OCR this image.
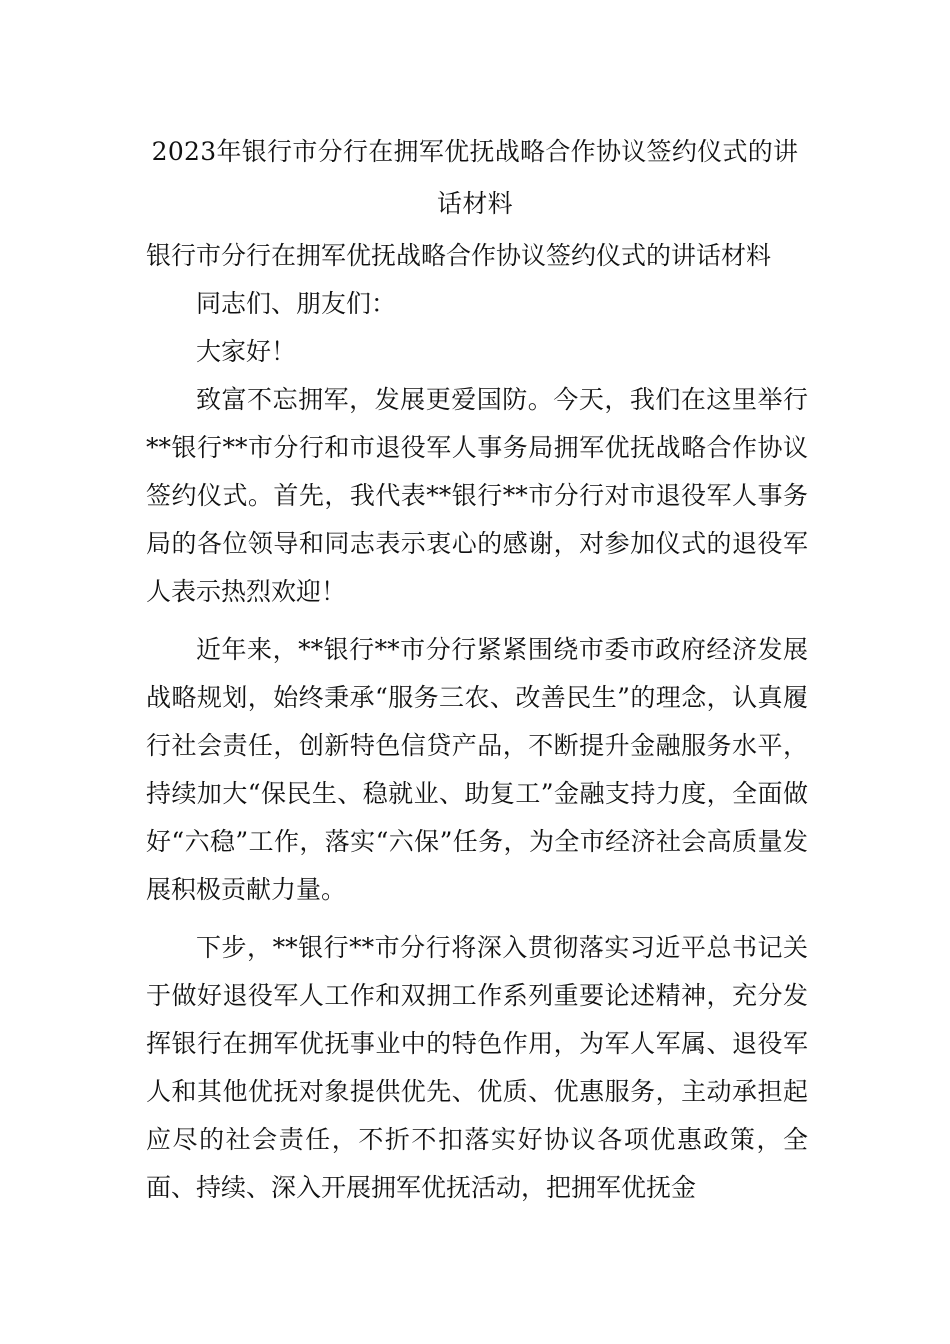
2023年银行市分行在拥军优抚战略合作协议签约仪式的讲话材料

银行市分行在拥军优抚战略合作协议签约仪式的讲话材料

同志们、朋友们：

大家好！

致富不忘拥军，发展更爱国防。今天，我们在这里举行**银行**市分行和市退役军人事务局拥军优抚战略合作协议签约仪式。首先，我代表**银行**市分行对市退役军人事务局的各位领导和同志表示衷心的感谢，对参加仪式的退役军人表示热烈欢迎！

近年来，**银行**市分行紧紧围绕市委市政府经济发展战略规划，始终秉承“服务三农、改善民生”的理念，认真履行社会责任，创新特色信贷产品，不断提升金融服务水平，持续加大“保民生、稳就业、助复工”金融支持力度，全面做好“六稳”工作，落实“六保”任务，为全市经济社会高质量发展积极贡献力量。

下步，**银行**市分行将深入贯彻落实习近平总书记关于做好退役军人工作和双拥工作系列重要论述精神，充分发挥银行在拥军优抚事业中的特色作用，为军人军属、退役军人和其他优抚对象提供优先、优质、优惠服务，主动承担起应尽的社会责任，不折不扣落实好协议各项优惠政策，全面、持续、深入开展拥军优抚活动，把拥军优抚金
